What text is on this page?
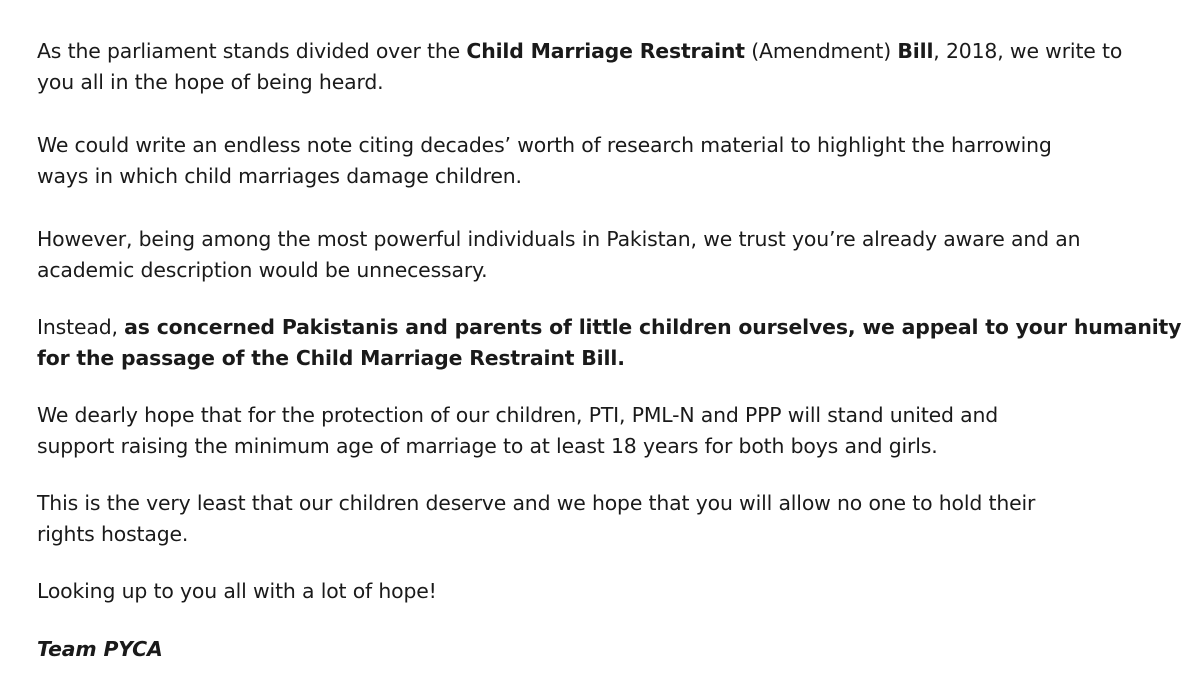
As the parliament stands divided over the Child Marriage Restraint (Amendment) Bill, 2018, we write to
you all in the hope of being heard.

We could write an endless note citing decades’ worth of research material to highlight the harrowing
ways in which child marriages damage children.

However, being among the most powerful individuals in Pakistan, we trust you’re already aware and an
academic description would be unnecessary.

Instead, as concerned Pakistanis and parents of little children ourselves, we appeal to your humanity
for the passage of the Child Marriage Restraint Bill.

We dearly hope that for the protection of our children, PTI, PML-N and PPP will stand united and
support raising the minimum age of marriage to at least 18 years for both boys and girls.

This is the very least that our children deserve and we hope that you will allow no one to hold their
rights hostage.

Looking up to you all with a lot of hope!

Team PYCA
